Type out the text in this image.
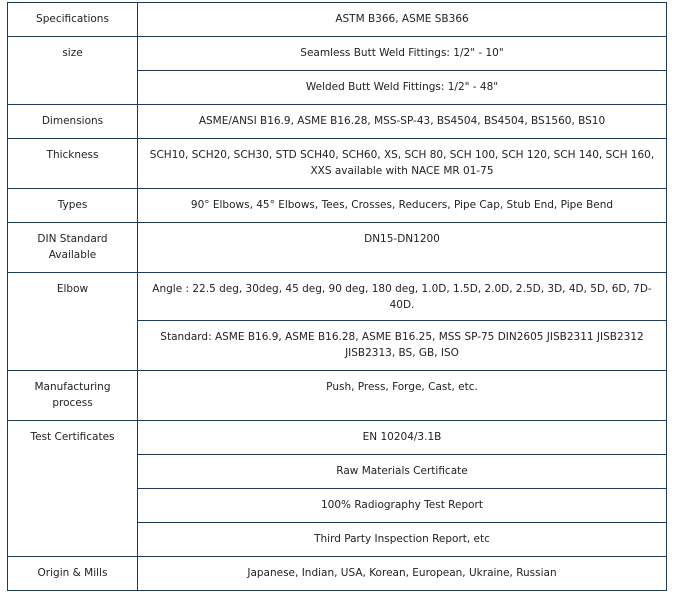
Specifications	ASTM B366, ASME SB366
size	Seamless Butt Weld Fittings: 1/2" - 10"
	Welded Butt Weld Fittings: 1/2" - 48"
Dimensions	ASME/ANSI B16.9, ASME B16.28, MSS-SP-43, BS4504, BS4504, BS1560, BS10
Thickness	SCH10, SCH20, SCH30, STD SCH40, SCH60, XS, SCH 80, SCH 100, SCH 120, SCH 140, SCH 160, XXS available with NACE MR 01-75
Types	90° Elbows, 45° Elbows, Tees, Crosses, Reducers, Pipe Cap, Stub End, Pipe Bend
DIN Standard Available	DN15-DN1200
Elbow	Angle : 22.5 deg, 30deg, 45 deg, 90 deg, 180 deg, 1.0D, 1.5D, 2.0D, 2.5D, 3D, 4D, 5D, 6D, 7D-40D.
	Standard: ASME B16.9, ASME B16.28, ASME B16.25, MSS SP-75 DIN2605 JISB2311 JISB2312 JISB2313, BS, GB, ISO
Manufacturing process	Push, Press, Forge, Cast, etc.
Test Certificates	EN 10204/3.1B
	Raw Materials Certificate
	100% Radiography Test Report
	Third Party Inspection Report, etc
Origin & Mills	Japanese, Indian, USA, Korean, European, Ukraine, Russian
